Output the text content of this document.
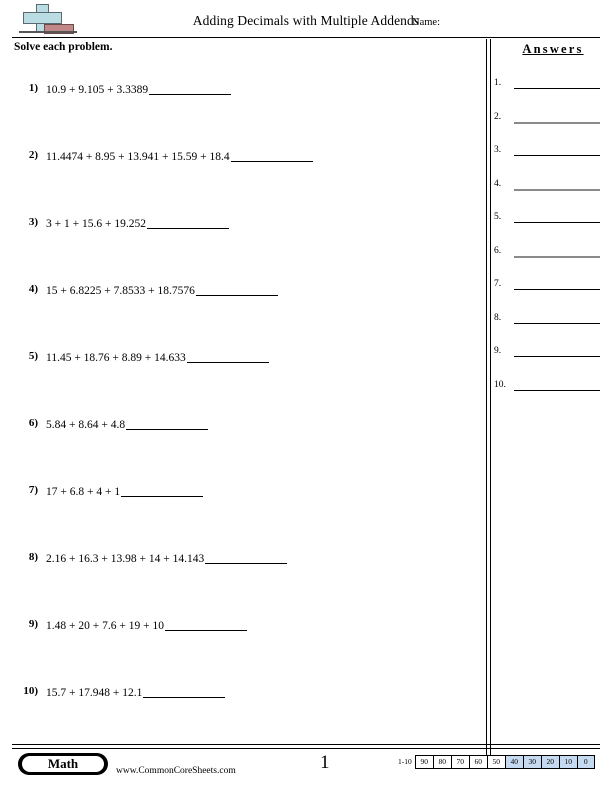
Adding Decimals with Multiple Addends
Name:
Solve each problem.
1) 10.9 + 9.105 + 3.3389
2) 11.4474 + 8.95 + 13.941 + 15.59 + 18.4
3) 3 + 1 + 15.6 + 19.252
4) 15 + 6.8225 + 7.8533 + 18.7576
5) 11.45 + 18.76 + 8.89 + 14.633
6) 5.84 + 8.64 + 4.8
7) 17 + 6.8 + 4 + 1
8) 2.16 + 16.3 + 13.98 + 14 + 14.143
9) 1.48 + 20 + 7.6 + 19 + 10
10) 15.7 + 17.948 + 12.1
Answers
1.
2.
3.
4.
5.
6.
7.
8.
9.
10.
Math	www.CommonCoreSheets.com	1	1-10	90	80	70	60	50	40	30	20	10	0
